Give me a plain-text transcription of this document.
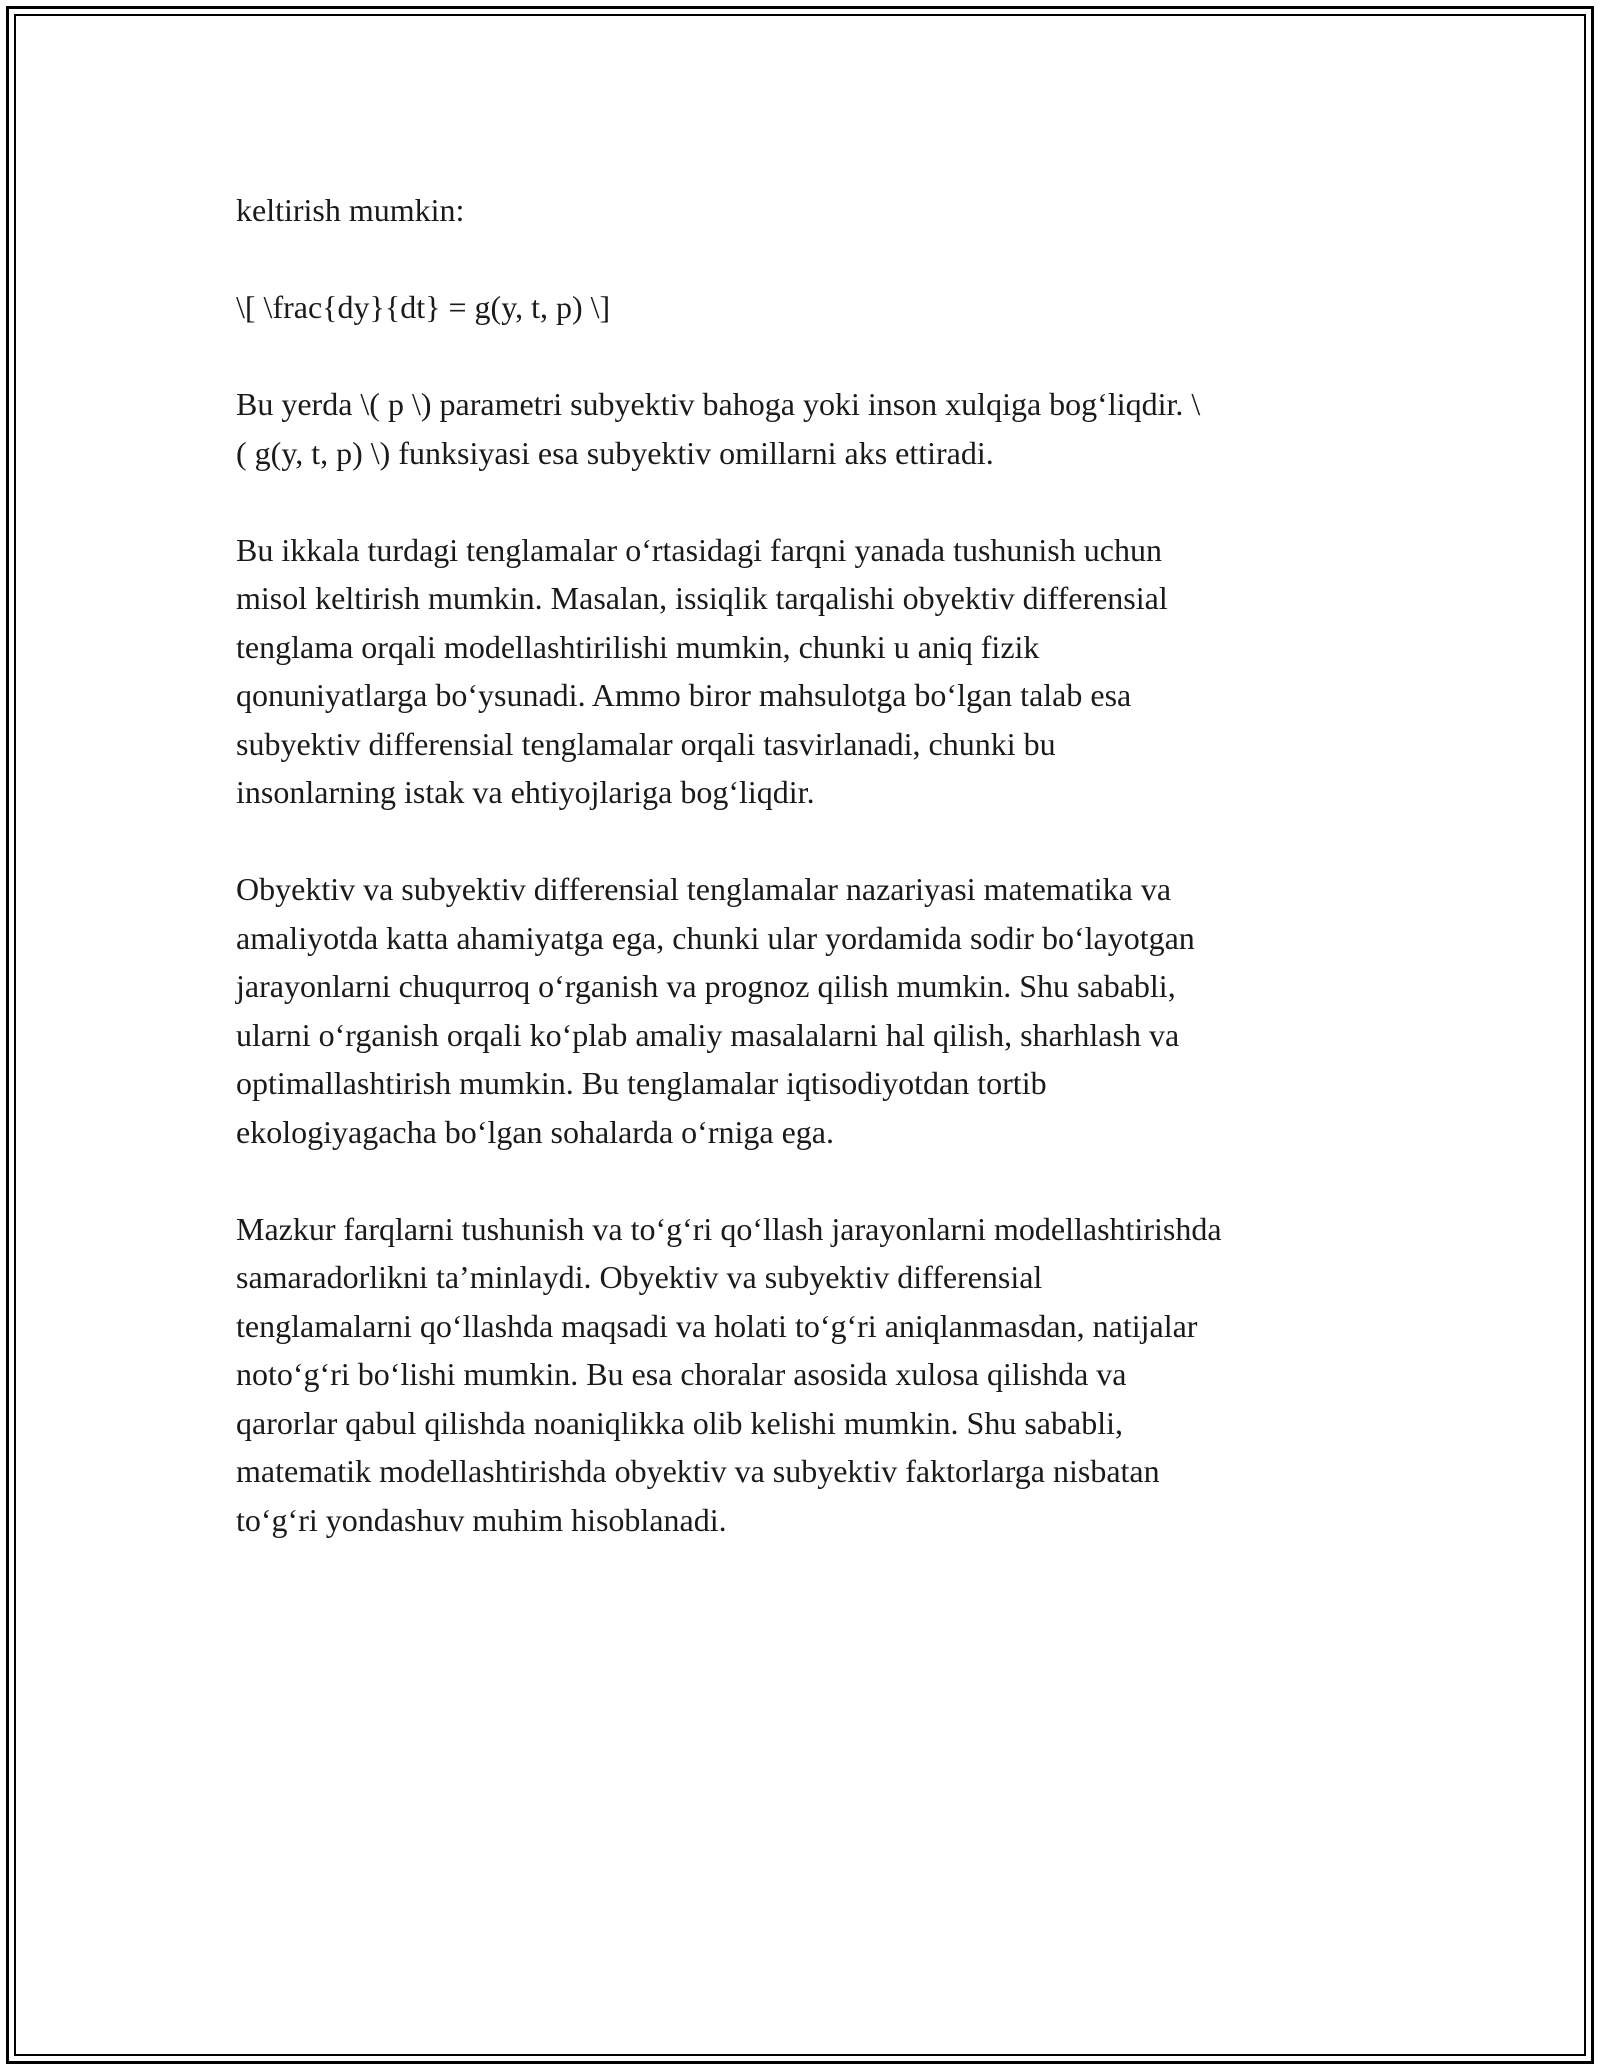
keltirish mumkin:

\[ \frac{dy}{dt} = g(y, t, p) \]

Bu yerda \( p \) parametri subyektiv bahoga yoki inson xulqiga bog‘liqdir. \
( g(y, t, p) \) funksiyasi esa subyektiv omillarni aks ettiradi.

Bu ikkala turdagi tenglamalar o‘rtasidagi farqni yanada tushunish uchun
misol keltirish mumkin. Masalan, issiqlik tarqalishi obyektiv differensial
tenglama orqali modellashtirilishi mumkin, chunki u aniq fizik
qonuniyatlarga bo‘ysunadi. Ammo biror mahsulotga bo‘lgan talab esa
subyektiv differensial tenglamalar orqali tasvirlanadi, chunki bu
insonlarning istak va ehtiyojlariga bog‘liqdir.

Obyektiv va subyektiv differensial tenglamalar nazariyasi matematika va
amaliyotda katta ahamiyatga ega, chunki ular yordamida sodir bo‘layotgan
jarayonlarni chuqurroq o‘rganish va prognoz qilish mumkin. Shu sababli,
ularni o‘rganish orqali ko‘plab amaliy masalalarni hal qilish, sharhlash va
optimallashtirish mumkin. Bu tenglamalar iqtisodiyotdan tortib
ekologiyagacha bo‘lgan sohalarda o‘rniga ega.

Mazkur farqlarni tushunish va to‘g‘ri qo‘llash jarayonlarni modellashtirishda
samaradorlikni ta’minlaydi. Obyektiv va subyektiv differensial
tenglamalarni qo‘llashda maqsadi va holati to‘g‘ri aniqlanmasdan, natijalar
noto‘g‘ri bo‘lishi mumkin. Bu esa choralar asosida xulosa qilishda va
qarorlar qabul qilishda noaniqlikka olib kelishi mumkin. Shu sababli,
matematik modellashtirishda obyektiv va subyektiv faktorlarga nisbatan
to‘g‘ri yondashuv muhim hisoblanadi.
